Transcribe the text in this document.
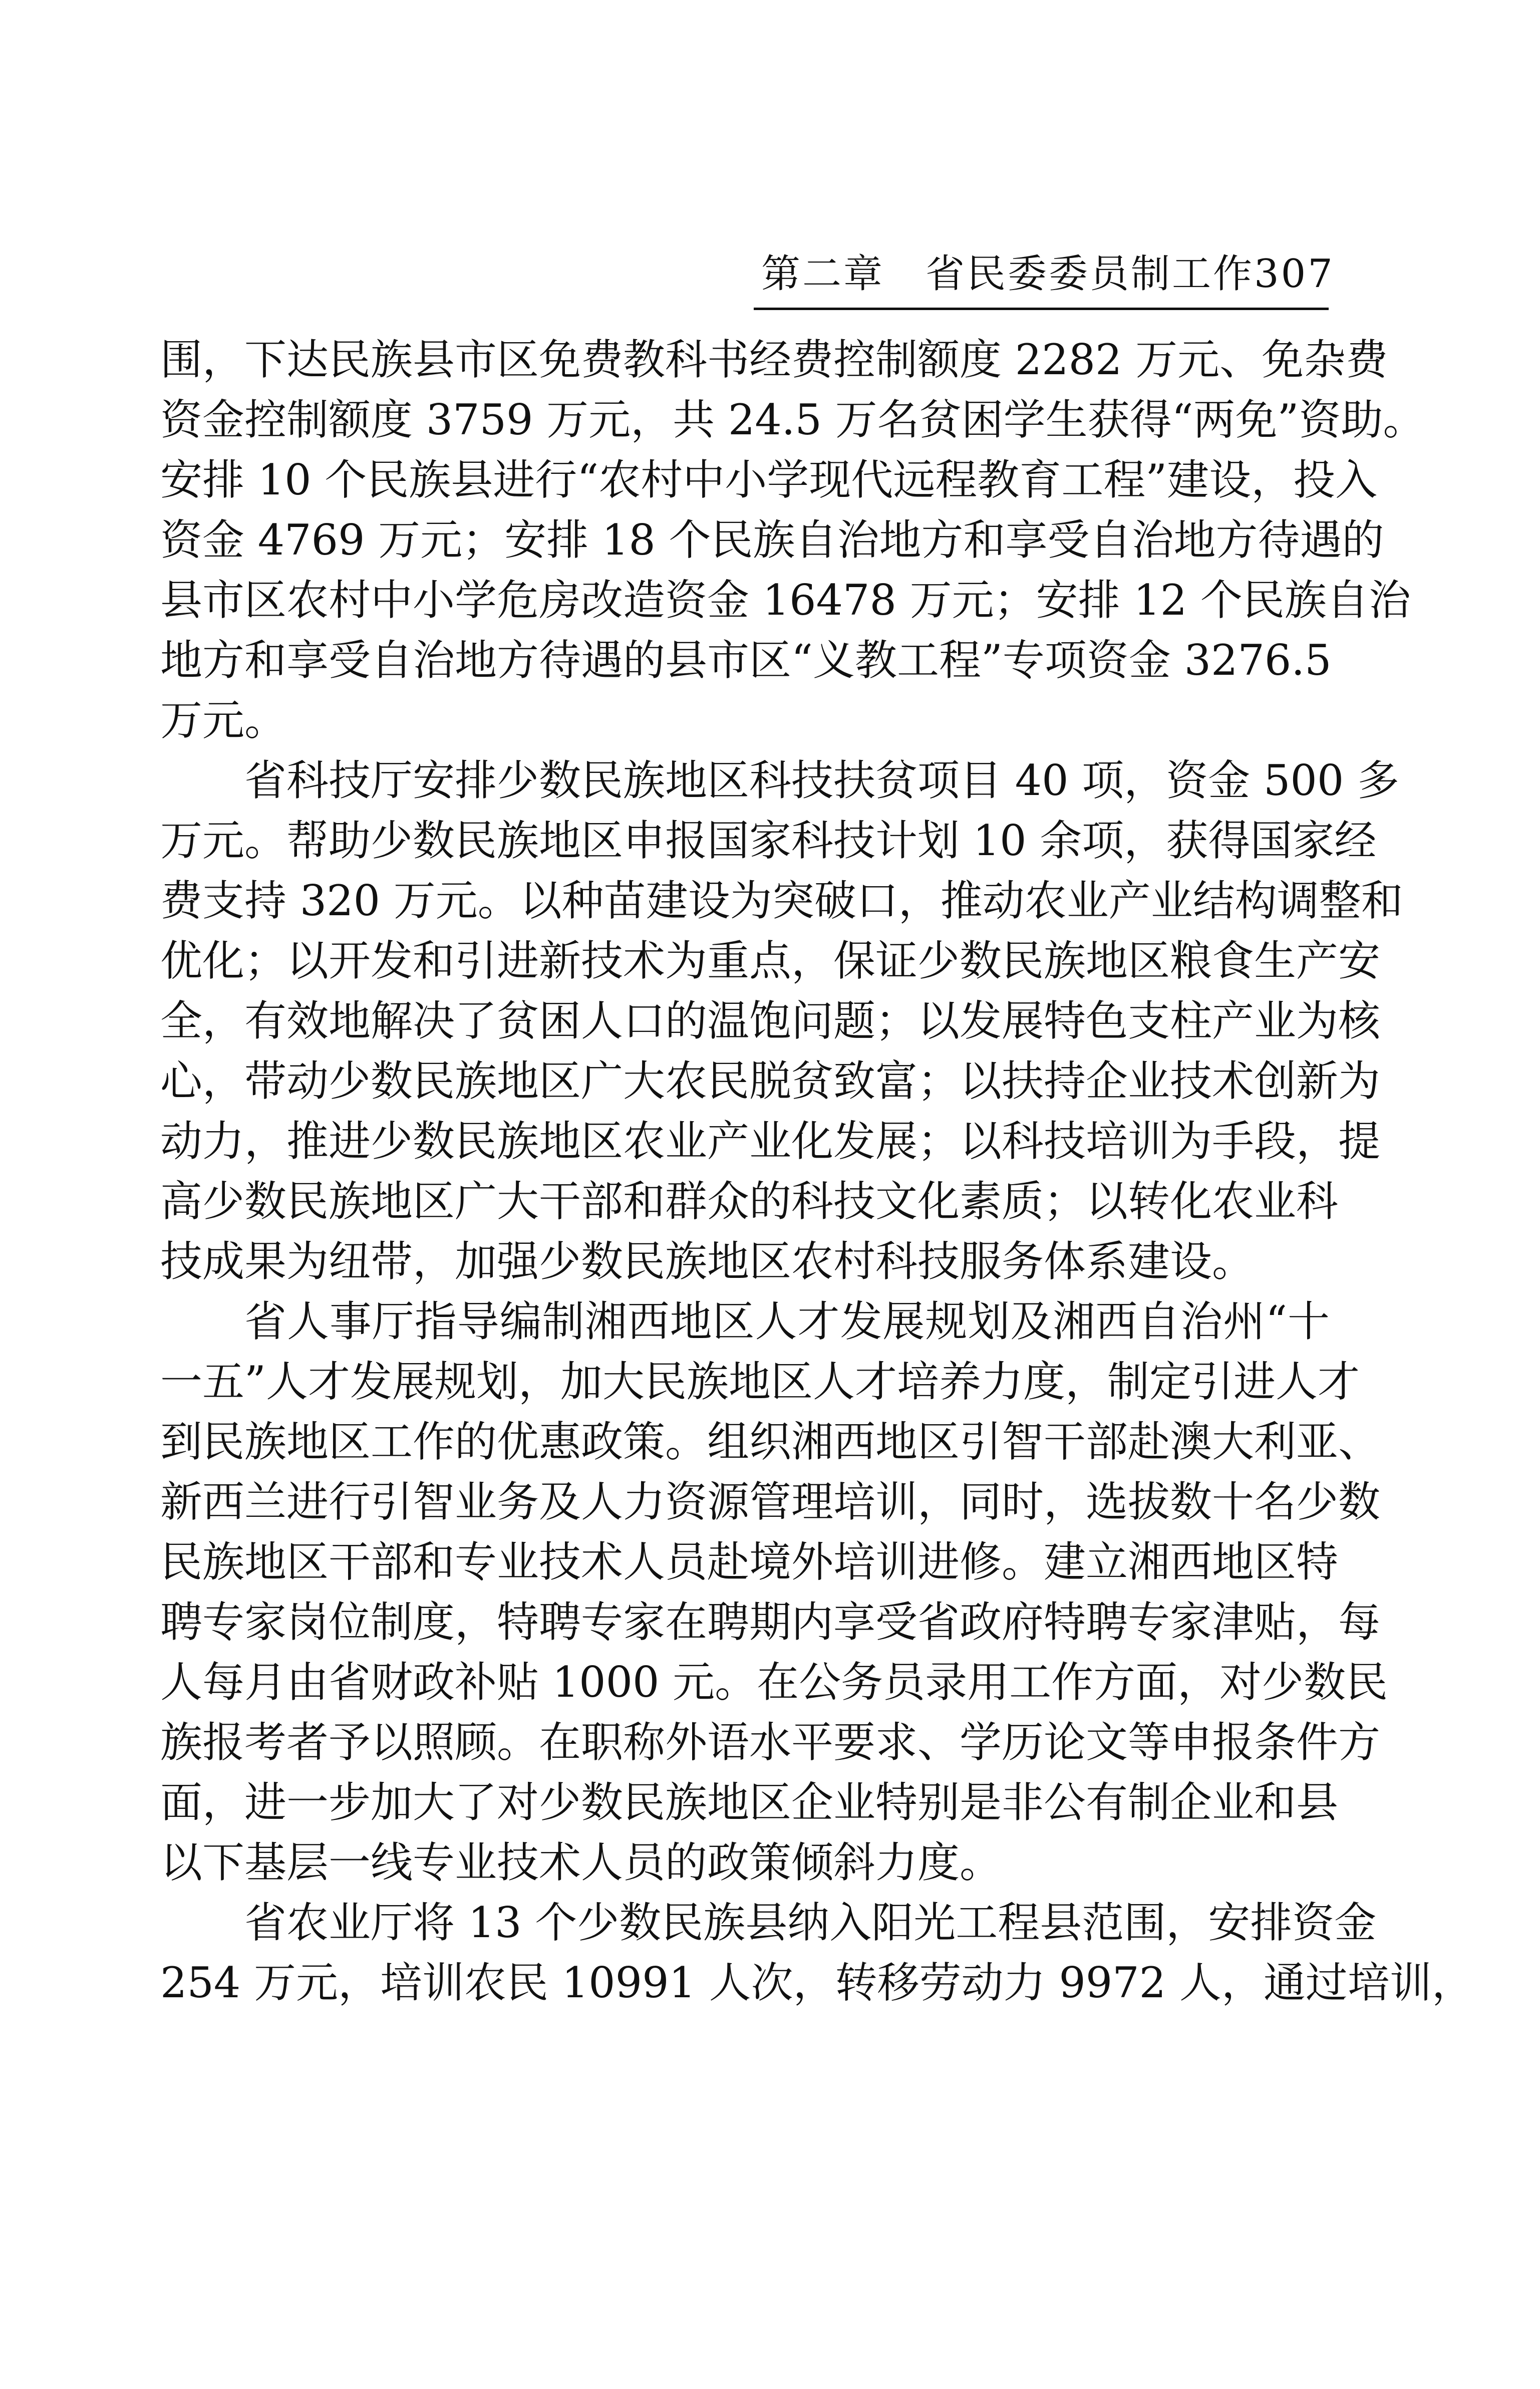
第二章　省民委委员制工作307
围，下达民族县市区免费教科书经费控制额度 2282 万元、免杂费
资金控制额度 3759 万元，共 24.5 万名贫困学生获得“两免”资助。
安排 10 个民族县进行“农村中小学现代远程教育工程”建设，投入
资金 4769 万元；安排 18 个民族自治地方和享受自治地方待遇的
县市区农村中小学危房改造资金 16478 万元；安排 12 个民族自治
地方和享受自治地方待遇的县市区“义教工程”专项资金 3276.5
万元。
省科技厅安排少数民族地区科技扶贫项目 40 项，资金 500 多
万元。帮助少数民族地区申报国家科技计划 10 余项，获得国家经
费支持 320 万元。以种苗建设为突破口，推动农业产业结构调整和
优化；以开发和引进新技术为重点，保证少数民族地区粮食生产安
全，有效地解决了贫困人口的温饱问题；以发展特色支柱产业为核
心，带动少数民族地区广大农民脱贫致富；以扶持企业技术创新为
动力，推进少数民族地区农业产业化发展；以科技培训为手段，提
高少数民族地区广大干部和群众的科技文化素质；以转化农业科
技成果为纽带，加强少数民族地区农村科技服务体系建设。
省人事厅指导编制湘西地区人才发展规划及湘西自治州“十
一五”人才发展规划，加大民族地区人才培养力度，制定引进人才
到民族地区工作的优惠政策。组织湘西地区引智干部赴澳大利亚、
新西兰进行引智业务及人力资源管理培训，同时，选拔数十名少数
民族地区干部和专业技术人员赴境外培训进修。建立湘西地区特
聘专家岗位制度，特聘专家在聘期内享受省政府特聘专家津贴，每
人每月由省财政补贴 1000 元。在公务员录用工作方面，对少数民
族报考者予以照顾。在职称外语水平要求、学历论文等申报条件方
面，进一步加大了对少数民族地区企业特别是非公有制企业和县
以下基层一线专业技术人员的政策倾斜力度。
省农业厅将 13 个少数民族县纳入阳光工程县范围，安排资金
254 万元，培训农民 10991 人次，转移劳动力 9972 人，通过培训，
